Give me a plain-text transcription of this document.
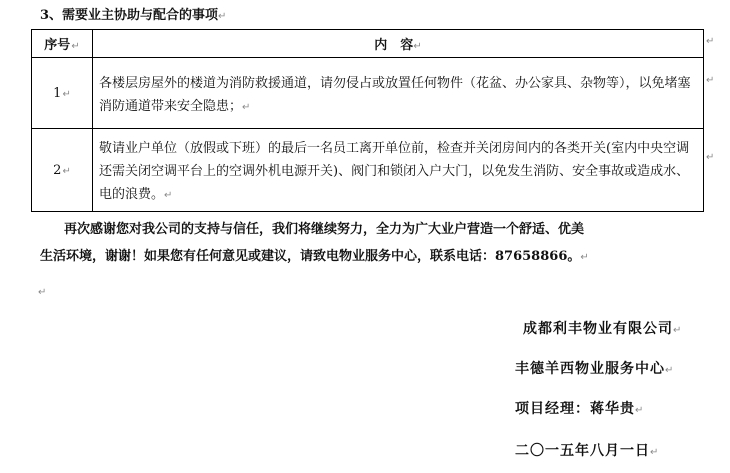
3、需要业主协助与配合的事项↵
序号↵	内　容↵
1↵	各楼层房屋外的楼道为消防救援通道，请勿侵占或放置任何物件（花盆、办公家具、杂物等），以免堵塞消防通道带来安全隐患；↵

2↵	敬请业户单位（放假或下班）的最后一名员工离开单位前，检查并关闭房间内的各类开关(室内中央空调还需关闭空调平台上的空调外机电源开关)、阀门和锁闭入户大门，以免发生消防、安全事故或造成水、电的浪费。↵
↵
↵
↵

再次感谢您对我公司的支持与信任，我们将继续努力，全力为广大业户营造一个舒适、优美

生活环境，谢谢！如果您有任何意见或建议，请致电物业服务中心，联系电话：87658866。↵

↵
成都利丰物业有限公司↵
丰德羊西物业服务中心↵
项目经理：蒋华贵↵
二〇一五年八月一日↵
